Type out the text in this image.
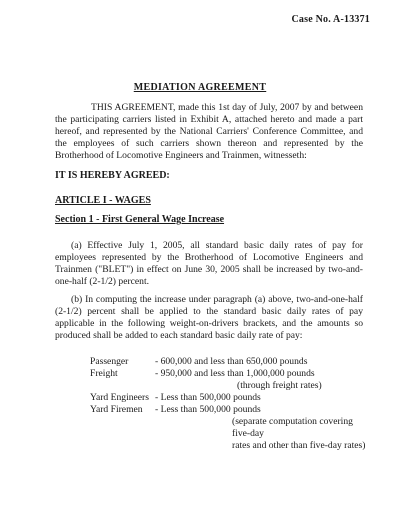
Case No. A-13371
MEDIATION AGREEMENT
THIS AGREEMENT, made this 1st day of July, 2007 by and between the participating carriers listed in Exhibit A, attached hereto and made a part hereof, and represented by the National Carriers' Conference Committee, and the employees of such carriers shown thereon and represented by the Brotherhood of Locomotive Engineers and Trainmen, witnesseth:
IT IS HEREBY AGREED:
ARTICLE I - WAGES
Section 1 - First General Wage Increase
(a) Effective July 1, 2005, all standard basic daily rates of pay for employees represented by the Brotherhood of Locomotive Engineers and Trainmen ("BLET") in effect on June 30, 2005 shall be increased by two-and-one-half (2-1/2) percent.
(b) In computing the increase under paragraph (a) above, two-and-one-half (2-1/2) percent shall be applied to the standard basic daily rates of pay applicable in the following weight-on-drivers brackets, and the amounts so produced shall be added to each standard basic daily rate of pay:
Passenger	- 600,000 and less than 650,000 pounds
Freight	- 950,000 and less than 1,000,000 pounds
(through freight rates)
Yard Engineers - Less than 500,000 pounds
Yard Firemen	- Less than 500,000 pounds
(separate computation covering five-day
rates and other than five-day rates)
